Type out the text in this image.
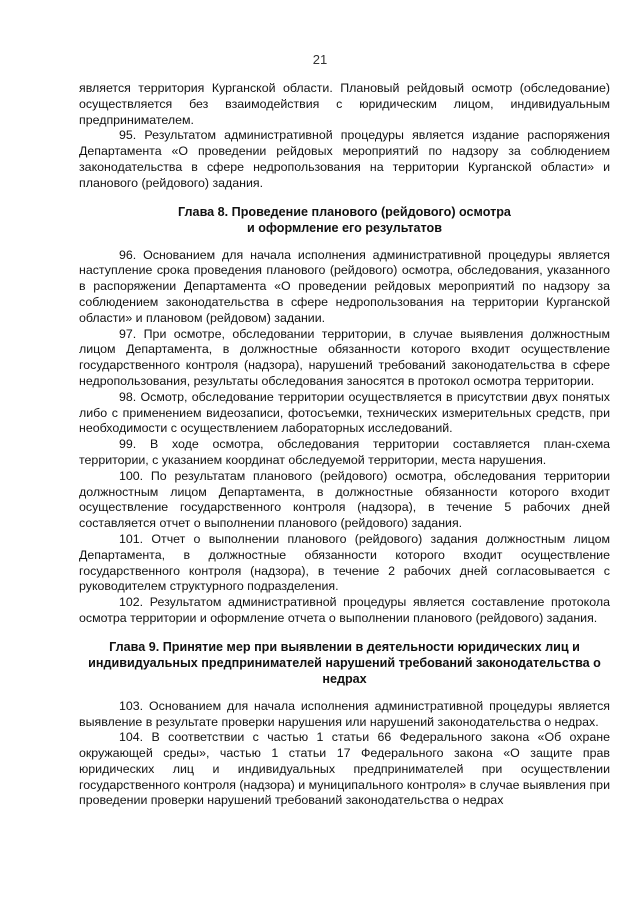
21

является территория Курганской области. Плановый рейдовый осмотр (обследование) осуществляется без взаимодействия с юридическим лицом, индивидуальным предпринимателем.

95. Результатом административной процедуры является издание распоряжения Департамента «О проведении рейдовых мероприятий по надзору за соблюдением законодательства в сфере недропользования на территории Курганской области» и планового (рейдового) задания.

Глава 8. Проведение планового (рейдового) осмотра

и оформление его результатов

96. Основанием для начала исполнения административной процедуры является наступление срока проведения планового (рейдового) осмотра, обследования, указанного в распоряжении Департамента «О проведении рейдовых мероприятий по надзору за соблюдением законодательства в сфере недропользования на территории Курганской области» и плановом (рейдовом) задании.

97. При осмотре, обследовании территории, в случае выявления должностным лицом Департамента, в должностные обязанности которого входит осуществление государственного контроля (надзора), нарушений требований законодательства в сфере недропользования, результаты обследования заносятся в протокол осмотра территории.

98. Осмотр, обследование территории осуществляется в присутствии двух понятых либо с применением видеозаписи, фотосъемки, технических измерительных средств, при необходимости с осуществлением лабораторных исследований.

99. В ходе осмотра, обследования территории составляется план-схема территории, с указанием координат обследуемой территории, места нарушения.

100. По результатам планового (рейдового) осмотра, обследования территории должностным лицом Департамента, в должностные обязанности которого входит осуществление государственного контроля (надзора), в течение 5 рабочих дней составляется отчет о выполнении планового (рейдового) задания.

101. Отчет о выполнении планового (рейдового) задания должностным лицом Департамента, в должностные обязанности которого входит осуществление государственного контроля (надзора), в течение 2 рабочих дней согласовывается с руководителем структурного подразделения.

102. Результатом административной процедуры является составление протокола осмотра территории и оформление отчета о выполнении планового (рейдового) задания.

Глава 9. Принятие мер при выявлении в деятельности юридических лиц и

индивидуальных предпринимателей нарушений требований законодательства о

недрах

103. Основанием для начала исполнения административной процедуры является выявление в результате проверки нарушения или нарушений законодательства о недрах.

104. В соответствии с частью 1 статьи 66 Федерального закона «Об охране окружающей среды», частью 1 статьи 17 Федерального закона «О защите прав юридических лиц и индивидуальных предпринимателей при осуществлении государственного контроля (надзора) и муниципального контроля» в случае выявления при проведении проверки нарушений требований законодательства о недрах
